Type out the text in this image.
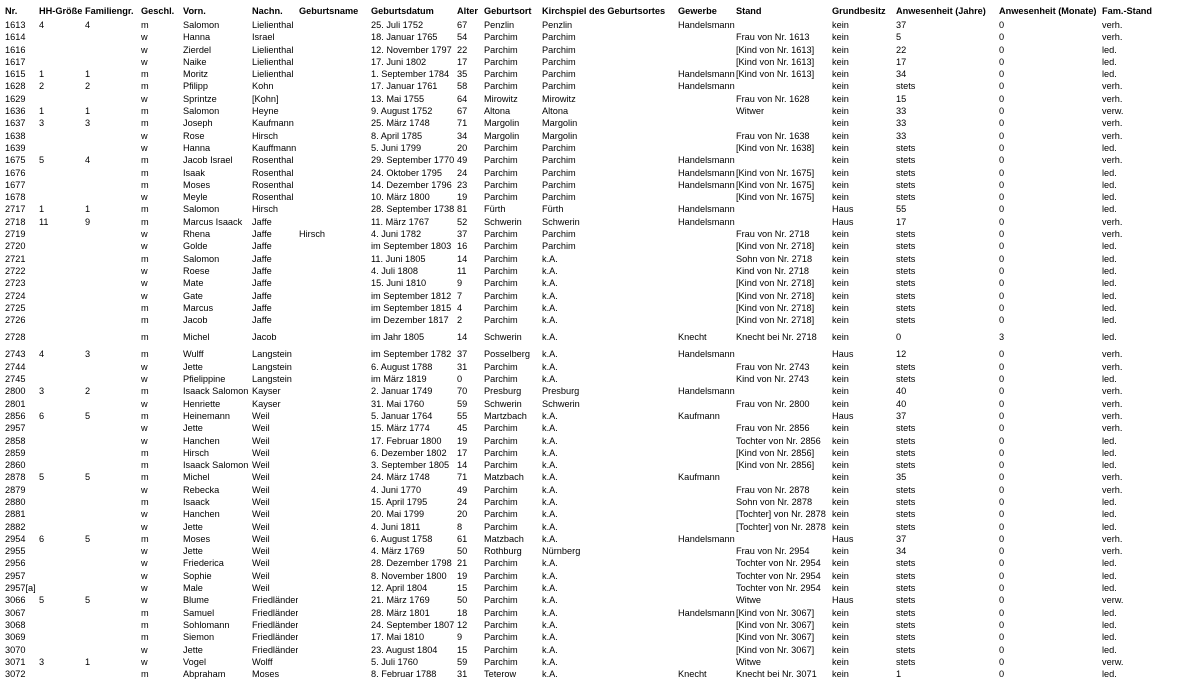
Nr.	HH-Größe	Familiengr.	Geschl.	Vorn.	Nachn.	Geburtsname	Geburtsdatum	Alter	Geburtsort	Kirchspiel des Geburtsortes	Gewerbe	Stand	Grundbesitz	Anwesenheit (Jahre)	Anwesenheit (Monate)	Fam.-Stand
1613	4	4	m	Salomon	Lielienthal		25. Juli 1752	67	Penzlin	Penzlin	Handelsmann		kein	37	0	verh.
1614			w	Hanna	Israel		18. Januar 1765	54	Parchim	Parchim		Frau von Nr. 1613	kein	5	0	verh.
1616			w	Zierdel	Lielienthal		12. November 1797	22	Parchim	Parchim		[Kind von Nr. 1613]	kein	22	0	led.
1617			w	Naike	Lielienthal		17. Juni 1802	17	Parchim	Parchim		[Kind von Nr. 1613]	kein	17	0	led.
1615	1	1	m	Moritz	Lielienthal		1. September 1784	35	Parchim	Parchim	Handelsmann	[Kind von Nr. 1613]	kein	34	0	led.
1628	2	2	m	Pfilipp	Kohn		17. Januar 1761	58	Parchim	Parchim	Handelsmann		kein	stets	0	verh.
1629			w	Sprintze	[Kohn]		13. Mai 1755	64	Mirowitz	Mirowitz		Frau von Nr. 1628	kein	15	0	verh.
1636	1	1	m	Salomon	Heyne		9. August 1752	67	Altona	Altona		Witwer	kein	33	0	verw.
1637	3	3	m	Joseph	Kaufmann		25. März 1748	71	Margolin	Margolin			kein	33	0	verh.
1638			w	Rose	Hirsch		8. April 1785	34	Margolin	Margolin		Frau von Nr. 1638	kein	33	0	verh.
1639			w	Hanna	Kauffmann		5. Juni 1799	20	Parchim	Parchim		[Kind von Nr. 1638]	kein	stets	0	led.
1675	5	4	m	Jacob Israel	Rosenthal		29. September 1770	49	Parchim	Parchim	Handelsmann		kein	stets	0	verh.
1676			m	Isaak	Rosenthal		24. Oktober 1795	24	Parchim	Parchim	Handelsmann	[Kind von Nr. 1675]	kein	stets	0	led.
1677			m	Moses	Rosenthal		14. Dezember 1796	23	Parchim	Parchim	Handelsmann	[Kind von Nr. 1675]	kein	stets	0	led.
1678			w	Meyle	Rosenthal		10. März 1800	19	Parchim	Parchim		[Kind von Nr. 1675]	kein	stets	0	led.
2717	1	1	m	Salomon	Hirsch		28. September 1738	81	Fürth	Fürth	Handelsmann		Haus	55	0	led.
2718	11	9	m	Marcus Isaack	Jaffe		11. März 1767	52	Schwerin	Schwerin	Handelsmann		Haus	17	0	verh.
2719			w	Rhena	Jaffe	Hirsch	4. Juni 1782	37	Parchim	Parchim		Frau von Nr. 2718	kein	stets	0	verh.
2720			w	Golde	Jaffe		im September 1803	16	Parchim	Parchim		[Kind von Nr. 2718]	kein	stets	0	led.
2721			m	Salomon	Jaffe		11. Juni 1805	14	Parchim	k.A.		Sohn von Nr. 2718	kein	stets	0	led.
2722			w	Roese	Jaffe		4. Juli 1808	11	Parchim	k.A.		Kind von Nr. 2718	kein	stets	0	led.
2723			w	Mate	Jaffe		15. Juni 1810	9	Parchim	k.A.		[Kind von Nr. 2718]	kein	stets	0	led.
2724			w	Gate	Jaffe		im September 1812	7	Parchim	k.A.		[Kind von Nr. 2718]	kein	stets	0	led.
2725			m	Marcus	Jaffe		im September 1815	4	Parchim	k.A.		[Kind von Nr. 2718]	kein	stets	0	led.
2726			m	Jacob	Jaffe		im Dezember 1817	2	Parchim	k.A.		[Kind von Nr. 2718]	kein	stets	0	led.
2728			m	Michel	Jacob		im Jahr 1805	14	Schwerin	k.A.	Knecht	Knecht bei Nr. 2718	kein	0	3	led.
2743	4	3	m	Wulff	Langstein		im September 1782	37	Posselberg	k.A.	Handelsmann		Haus	12	0	verh.
2744			w	Jette	Langstein		6. August 1788	31	Parchim	k.A.		Frau von Nr. 2743	kein	stets	0	verh.
2745			w	Pfielippine	Langstein		im März 1819	0	Parchim	k.A.		Kind von Nr. 2743	kein	stets	0	led.
2800	3	2	m	Isaack Salomon	Kayser		2. Januar 1749	70	Presburg	Presburg	Handelsmann		kein	40	0	verh.
2801			w	Henriette	Kayser		31. Mai 1760	59	Schwerin	Schwerin		Frau von Nr. 2800	kein	40	0	verh.
2856	6	5	m	Heinemann	Weil		5. Januar 1764	55	Martzbach	k.A.	Kaufmann		Haus	37	0	verh.
2957			w	Jette	Weil		15. März 1774	45	Parchim	k.A.		Frau von Nr. 2856	kein	stets	0	verh.
2858			w	Hanchen	Weil		17. Februar 1800	19	Parchim	k.A.		Tochter von Nr. 2856	kein	stets	0	led.
2859			m	Hirsch	Weil		6. Dezember 1802	17	Parchim	k.A.		[Kind von Nr. 2856]	kein	stets	0	led.
2860			m	Isaack Salomon	Weil		3. September 1805	14	Parchim	k.A.		[Kind von Nr. 2856]	kein	stets	0	led.
2878	5	5	m	Michel	Weil		24. März 1748	71	Matzbach	k.A.	Kaufmann		kein	35	0	verh.
2879			w	Rebecka	Weil		4. Juni 1770	49	Parchim	k.A.		Frau von Nr. 2878	kein	stets	0	verh.
2880			m	Isaack	Weil		15. April 1795	24	Parchim	k.A.		Sohn von Nr. 2878	kein	stets	0	led.
2881			w	Hanchen	Weil		20. Mai 1799	20	Parchim	k.A.		[Tochter] von Nr. 2878	kein	stets	0	led.
2882			w	Jette	Weil		4. Juni 1811	8	Parchim	k.A.		[Tochter] von Nr. 2878	kein	stets	0	led.
2954	6	5	m	Moses	Weil		6. August 1758	61	Matzbach	k.A.	Handelsmann		Haus	37	0	verh.
2955			w	Jette	Weil		4. März 1769	50	Rothburg	Nürnberg		Frau von Nr. 2954	kein	34	0	verh.
2956			w	Friederica	Weil		28. Dezember 1798	21	Parchim	k.A.		Tochter von Nr. 2954	kein	stets	0	led.
2957			w	Sophie	Weil		8. November 1800	19	Parchim	k.A.		Tochter von Nr. 2954	kein	stets	0	led.
2957[a]			w	Male	Weil		12. April 1804	15	Parchim	k.A.		Tochter von Nr. 2954	kein	stets	0	led.
3066	5	5	w	Blume	Friedländer		21. März 1769	50	Parchim	k.A.		Witwe	Haus	stets	0	verw.
3067			m	Samuel	Friedländer		28. März 1801	18	Parchim	k.A.	Handelsmann	[Kind von Nr. 3067]	kein	stets	0	led.
3068			m	Sohlomann	Friedländer		24. September 1807	12	Parchim	k.A.		[Kind von Nr. 3067]	kein	stets	0	led.
3069			m	Siemon	Friedländer		17. Mai 1810	9	Parchim	k.A.		[Kind von Nr. 3067]	kein	stets	0	led.
3070			w	Jette	Friedländer		23. August 1804	15	Parchim	k.A.		[Kind von Nr. 3067]	kein	stets	0	led.
3071	3	1	w	Vogel	Wolff		5. Juli 1760	59	Parchim	k.A.		Witwe	kein	stets	0	verw.
3072			m	Abpraham	Moses		8. Februar 1788	31	Teterow	k.A.	Knecht	Knecht bei Nr. 3071	kein	1	0	led.
